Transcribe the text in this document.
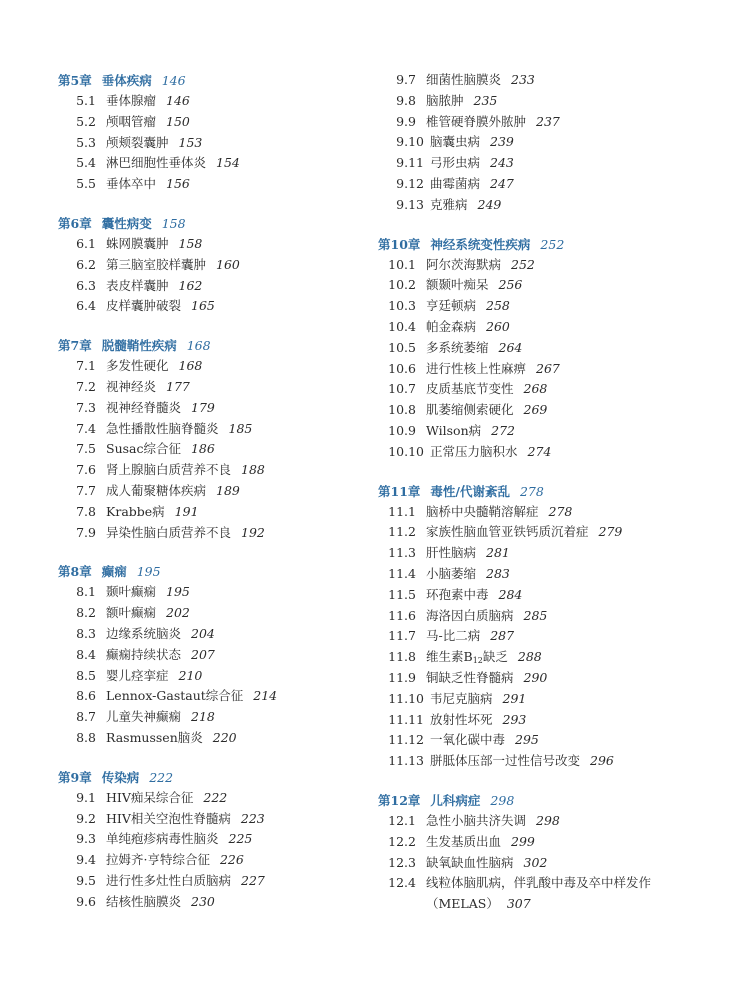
第5章 垂体疾病 146
5.1 垂体腺瘤 146
5.2 颅咽管瘤 150
5.3 颅颊裂囊肿 153
5.4 淋巴细胞性垂体炎 154
5.5 垂体卒中 156
第6章 囊性病变 158
6.1 蛛网膜囊肿 158
6.2 第三脑室胶样囊肿 160
6.3 表皮样囊肿 162
6.4 皮样囊肿破裂 165
第7章 脱髓鞘性疾病 168
7.1 多发性硬化 168
7.2 视神经炎 177
7.3 视神经脊髓炎 179
7.4 急性播散性脑脊髓炎 185
7.5 Susac综合征 186
7.6 肾上腺脑白质营养不良 188
7.7 成人葡聚糖体疾病 189
7.8 Krabbe病 191
7.9 异染性脑白质营养不良 192
第8章 癫痫 195
8.1 颞叶癫痫 195
8.2 额叶癫痫 202
8.3 边缘系统脑炎 204
8.4 癫痫持续状态 207
8.5 婴儿痉挛症 210
8.6 Lennox-Gastaut综合征 214
8.7 儿童失神癫痫 218
8.8 Rasmussen脑炎 220
第9章 传染病 222
9.1 HIV痴呆综合征 222
9.2 HIV相关空泡性脊髓病 223
9.3 单纯疱疹病毒性脑炎 225
9.4 拉姆齐·亨特综合征 226
9.5 进行性多灶性白质脑病 227
9.6 结核性脑膜炎 230
9.7 细菌性脑膜炎 233
9.8 脑脓肿 235
9.9 椎管硬脊膜外脓肿 237
9.10 脑囊虫病 239
9.11 弓形虫病 243
9.12 曲霉菌病 247
9.13 克雅病 249
第10章 神经系统变性疾病 252
10.1 阿尔茨海默病 252
10.2 额颞叶痴呆 256
10.3 亨廷顿病 258
10.4 帕金森病 260
10.5 多系统萎缩 264
10.6 进行性核上性麻痹 267
10.7 皮质基底节变性 268
10.8 肌萎缩侧索硬化 269
10.9 Wilson病 272
10.10 正常压力脑积水 274
第11章 毒性/代谢紊乱 278
11.1 脑桥中央髓鞘溶解症 278
11.2 家族性脑血管亚铁钙质沉着症 279
11.3 肝性脑病 281
11.4 小脑萎缩 283
11.5 环孢素中毒 284
11.6 海洛因白质脑病 285
11.7 马-比二病 287
11.8 维生素$B_{12}$缺乏 288
11.9 铜缺乏性脊髓病 290
11.10 韦尼克脑病 291
11.11 放射性坏死 293
11.12 一氧化碳中毒 295
11.13 胼胝体压部一过性信号改变 296
第12章 儿科病症 298
12.1 急性小脑共济失调 298
12.2 生发基质出血 299
12.3 缺氧缺血性脑病 302
12.4 线粒体脑肌病，伴乳酸中毒及卒中样发作
（MELAS） 307
